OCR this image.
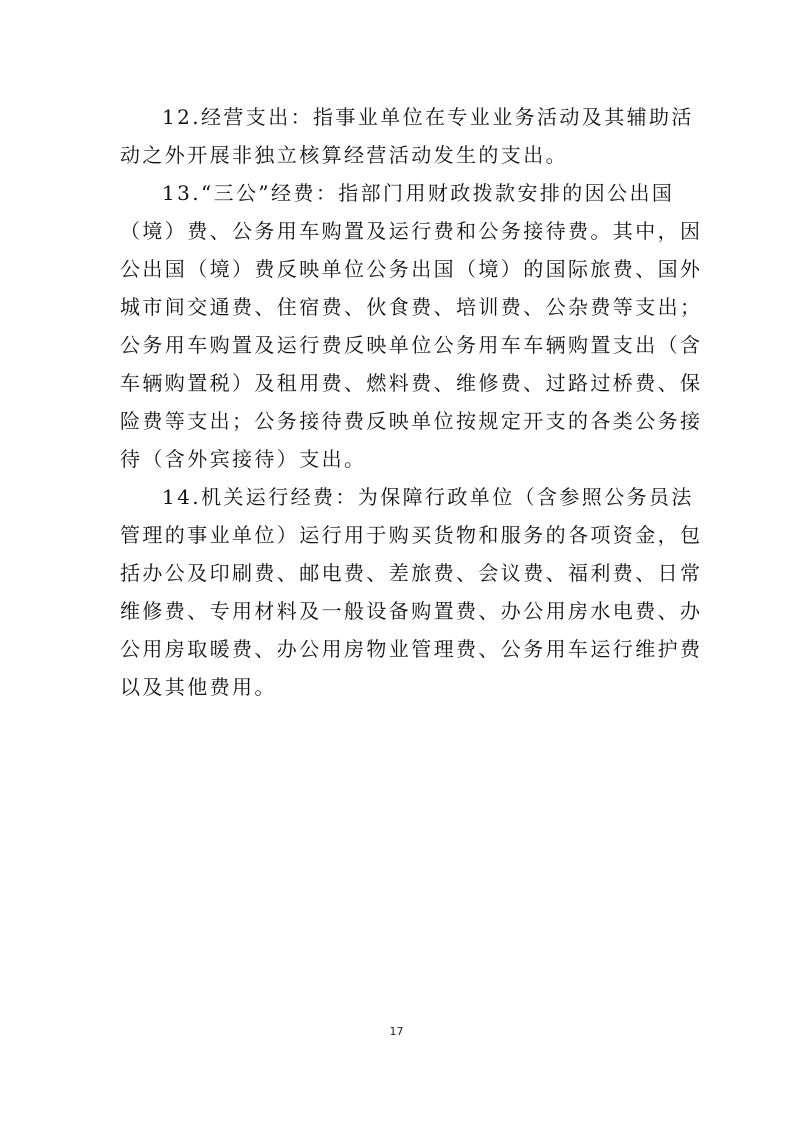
12.经营支出：指事业单位在专业业务活动及其辅助活
动之外开展非独立核算经营活动发生的支出。
13.“三公”经费：指部门用财政拨款安排的因公出国
（境）费、公务用车购置及运行费和公务接待费。其中，因
公出国（境）费反映单位公务出国（境）的国际旅费、国外
城市间交通费、住宿费、伙食费、培训费、公杂费等支出；
公务用车购置及运行费反映单位公务用车车辆购置支出（含
车辆购置税）及租用费、燃料费、维修费、过路过桥费、保
险费等支出；公务接待费反映单位按规定开支的各类公务接
待（含外宾接待）支出。
14.机关运行经费：为保障行政单位（含参照公务员法
管理的事业单位）运行用于购买货物和服务的各项资金，包
括办公及印刷费、邮电费、差旅费、会议费、福利费、日常
维修费、专用材料及一般设备购置费、办公用房水电费、办
公用房取暖费、办公用房物业管理费、公务用车运行维护费
以及其他费用。
17
